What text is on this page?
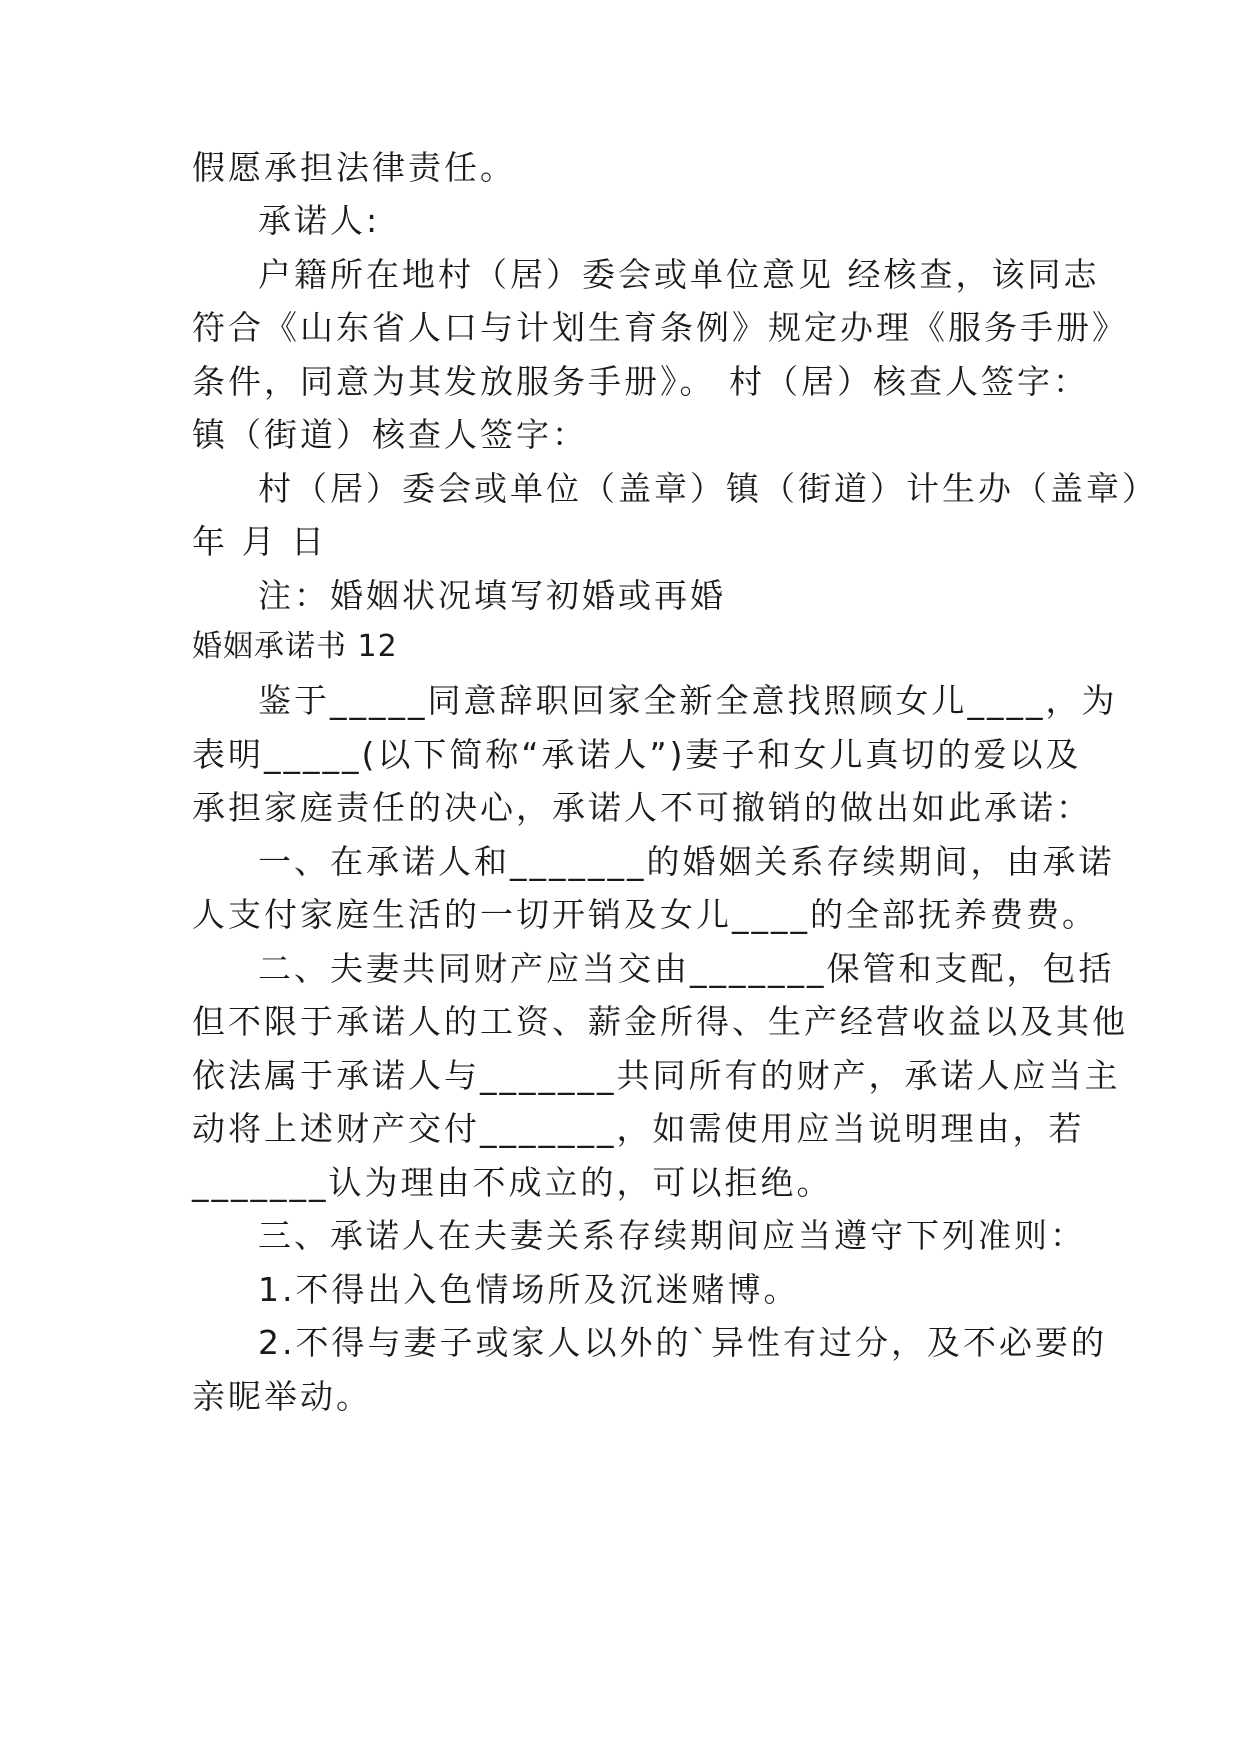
假愿承担法律责任。
承诺人:
户籍所在地村（居）委会或单位意见 经核查，该同志
符合《山东省人口与计划生育条例》规定办理《服务手册》
条件，同意为其发放服务手册》。 村（居）核查人签字：
镇（街道）核查人签字：
村（居）委会或单位（盖章）镇（街道）计生办（盖章）
年 月 日
注：婚姻状况填写初婚或再婚
婚姻承诺书 12
鉴于_____同意辞职回家全新全意找照顾女儿____，为
表明_____(以下简称“承诺人”)妻子和女儿真切的爱以及
承担家庭责任的决心，承诺人不可撤销的做出如此承诺：
一、在承诺人和_______的婚姻关系存续期间，由承诺
人支付家庭生活的一切开销及女儿____的全部抚养费费。
二、夫妻共同财产应当交由_______保管和支配，包括
但不限于承诺人的工资、薪金所得、生产经营收益以及其他
依法属于承诺人与_______共同所有的财产，承诺人应当主
动将上述财产交付_______，如需使用应当说明理由，若
_______认为理由不成立的，可以拒绝。
三、承诺人在夫妻关系存续期间应当遵守下列准则：
1.不得出入色情场所及沉迷赌博。
2.不得与妻子或家人以外的`异性有过分，及不必要的
亲昵举动。
